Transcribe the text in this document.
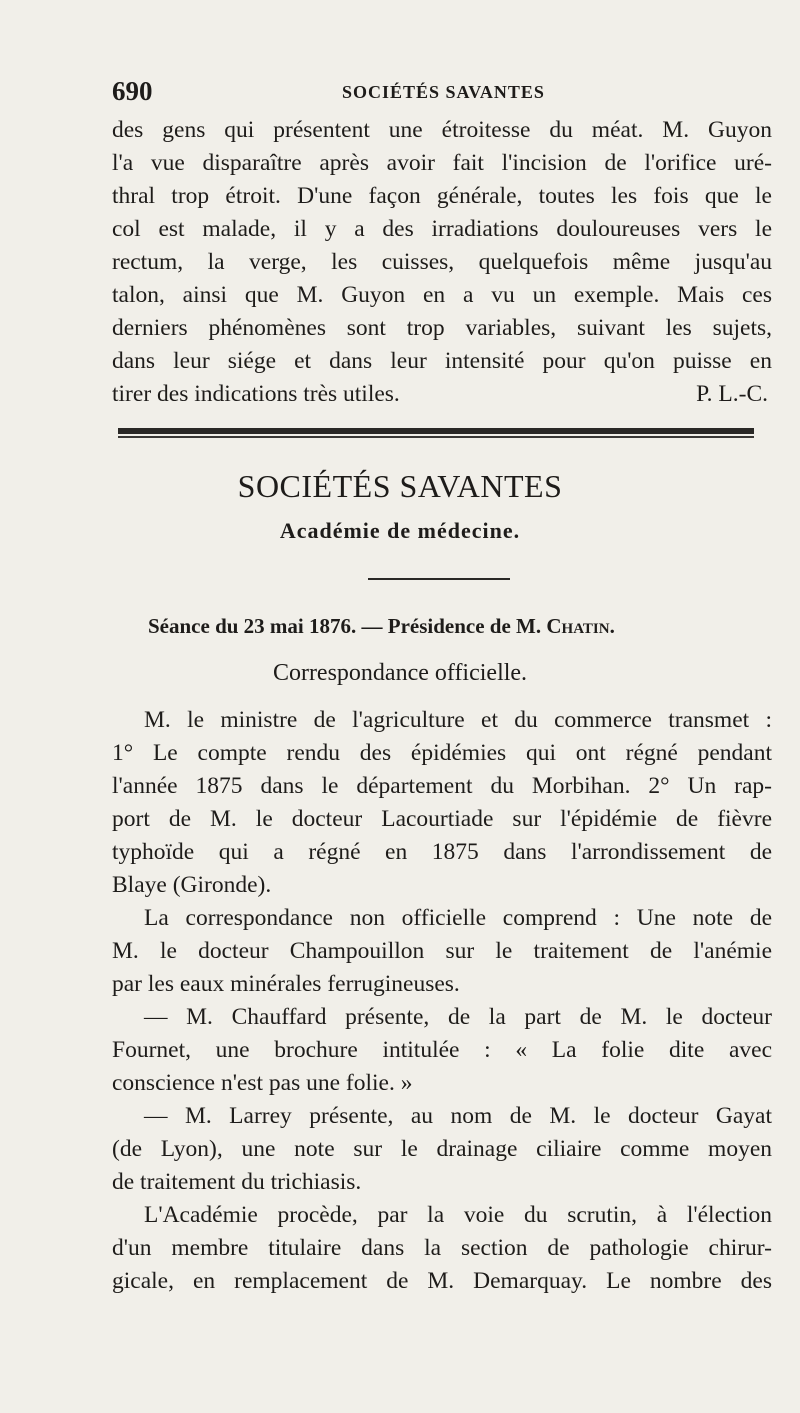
690	SOCIÉTÉS SAVANTES
des gens qui présentent une étroitesse du méat. M. Guyon
l'a vue disparaître après avoir fait l'incision de l'orifice uré-
thral trop étroit. D'une façon générale, toutes les fois que le
col est malade, il y a des irradiations douloureuses vers le
rectum, la verge, les cuisses, quelquefois même jusqu'au
talon, ainsi que M. Guyon en a vu un exemple. Mais ces
derniers phénomènes sont trop variables, suivant les sujets,
dans leur siége et dans leur intensité pour qu'on puisse en
tirer des indications très utiles.	P. L.-C.
SOCIÉTÉS SAVANTES
Académie de médecine.
Séance du 23 mai 1876. — Présidence de M. Chatin.
Correspondance officielle.
M. le ministre de l'agriculture et du commerce transmet :
1° Le compte rendu des épidémies qui ont régné pendant
l'année 1875 dans le département du Morbihan. 2° Un rap-
port de M. le docteur Lacourtiade sur l'épidémie de fièvre
typhoïde qui a régné en 1875 dans l'arrondissement de
Blaye (Gironde).
La correspondance non officielle comprend : Une note de
M. le docteur Champouillon sur le traitement de l'anémie
par les eaux minérales ferrugineuses.
— M. Chauffard présente, de la part de M. le docteur
Fournet, une brochure intitulée : « La folie dite avec
conscience n'est pas une folie. »
— M. Larrey présente, au nom de M. le docteur Gayat
(de Lyon), une note sur le drainage ciliaire comme moyen
de traitement du trichiasis.
L'Académie procède, par la voie du scrutin, à l'élection
d'un membre titulaire dans la section de pathologie chirur-
gicale, en remplacement de M. Demarquay. Le nombre des
